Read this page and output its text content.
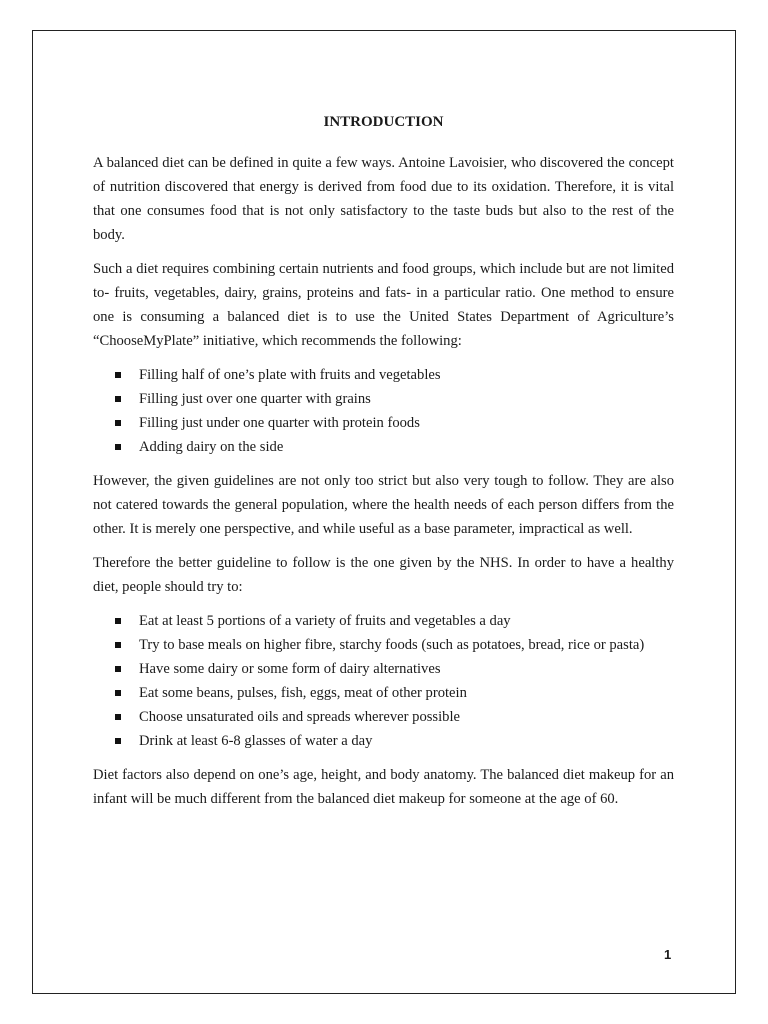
INTRODUCTION

A balanced diet can be defined in quite a few ways. Antoine Lavoisier, who discovered the concept of nutrition discovered that energy is derived from food due to its oxidation. Therefore, it is vital that one consumes food that is not only satisfactory to the taste buds but also to the rest of the body.

Such a diet requires combining certain nutrients and food groups, which include but are not limited to- fruits, vegetables, dairy, grains, proteins and fats- in a particular ratio. One method to ensure one is consuming a balanced diet is to use the United States Department of Agriculture’s “ChooseMyPlate” initiative, which recommends the following:

Filling half of one’s plate with fruits and vegetables
Filling just over one quarter with grains
Filling just under one quarter with protein foods
Adding dairy on the side

However, the given guidelines are not only too strict but also very tough to follow. They are also not catered towards the general population, where the health needs of each person differs from the other. It is merely one perspective, and while useful as a base parameter, impractical as well.

Therefore the better guideline to follow is the one given by the NHS. In order to have a healthy diet, people should try to:

Eat at least 5 portions of a variety of fruits and vegetables a day
Try to base meals on higher fibre, starchy foods (such as potatoes, bread, rice or pasta)
Have some dairy or some form of dairy alternatives
Eat some beans, pulses, fish, eggs, meat of other protein
Choose unsaturated oils and spreads wherever possible
Drink at least 6-8 glasses of water a day

Diet factors also depend on one’s age, height, and body anatomy. The balanced diet makeup for an infant will be much different from the balanced diet makeup for someone at the age of 60.

1
